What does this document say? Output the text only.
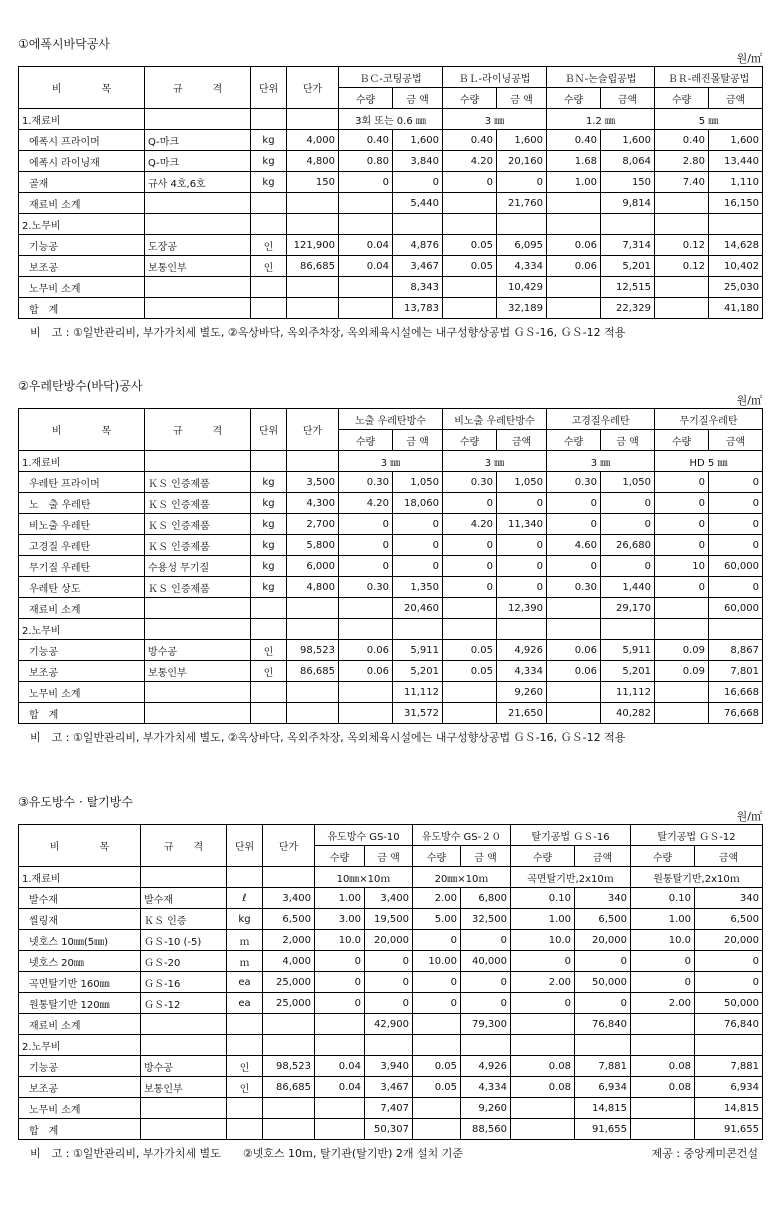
①에폭시바닥공사
원/㎡
비　　　　목	규　　　격	단위	단가	ＢＣ-코팅공법		ＢＬ-라이닝공법		ＢＮ-논슬립공법		ＢＲ-레진몰탈공법	
				수량	금 액	수량	금 액	수량	금액	수량	금액
1.재료비				3회 또는 0.6 ㎜		3 ㎜		1.2 ㎜		5 ㎜	
에폭시 프라이머	Q-마크	kg	4,000	0.40	1,600	0.40	1,600	0.40	1,600	0.40	1,600
에폭시 라이닝재	Q-마크	kg	4,800	0.80	3,840	4.20	20,160	1.68	8,064	2.80	13,440
골재	규사 4호,6호	kg	150	0	0	0	0	1.00	150	7.40	1,110
재료비 소계					5,440		21,760		9,814		16,150
2.노무비											
기능공	도장공	인	121,900	0.04	4,876	0.05	6,095	0.06	7,314	0.12	14,628
보조공	보통인부	인	86,685	0.04	3,467	0.05	4,334	0.06	5,201	0.12	10,402
노무비 소계					8,343		10,429		12,515		25,030
합　계					13,783		32,189		22,329		41,180
비　고 : ①일반관리비, 부가가치세 별도, ②옥상바닥, 옥외주차장, 옥외체육시설에는 내구성향상공법 ＧＳ-16, ＧＳ-12 적용
②우레탄방수(바닥)공사
원/㎡
비　　　　목	규　　　격	단위	단가	노출 우레탄방수		비노출 우레탄방수		고경질우레탄		무기질우레탄	
				수량	금 액	수량	금액	수량	금 액	수량	금액
1.재료비				3 ㎜		3 ㎜		3 ㎜		HD 5 ㎜	
우레탄 프라이머	ＫＳ 인증제품	kg	3,500	0.30	1,050	0.30	1,050	0.30	1,050	0	0
노　출 우레탄	ＫＳ 인증제품	kg	4,300	4.20	18,060	0	0	0	0	0	0
비노출 우레탄	ＫＳ 인증제품	kg	2,700	0	0	4.20	11,340	0	0	0	0
고경질 우레탄	ＫＳ 인증제품	kg	5,800	0	0	0	0	4.60	26,680	0	0
무기질 우레탄	수용성 무기질	kg	6,000	0	0	0	0	0	0	10	60,000
우레탄 상도	ＫＳ 인증제품	kg	4,800	0.30	1,350	0	0	0.30	1,440	0	0
재료비 소계					20,460		12,390		29,170		60,000
2.노무비											
기능공	방수공	인	98,523	0.06	5,911	0.05	4,926	0.06	5,911	0.09	8,867
보조공	보통인부	인	86,685	0.06	5,201	0.05	4,334	0.06	5,201	0.09	7,801
노무비 소계					11,112		9,260		11,112		16,668
합　계					31,572		21,650		40,282		76,668
비　고 : ①일반관리비, 부가가치세 별도, ②옥상바닥, 옥외주차장, 옥외체육시설에는 내구성향상공법 ＧＳ-16, ＧＳ-12 적용
③유도방수 · 탈기방수
원/㎡
비　　　　목	규　　격	단위	단가	유도방수 GS-10		유도방수 GS-２０		탈기공법 ＧＳ-16		탈기공법 ＧＳ-12	
				수량	금 액	수량	금 액	수량	금액	수량	금액
1.재료비				10㎜×10ｍ		20㎜×10ｍ		곡면탈기반,2x10ｍ		원통탈기반,2x10ｍ	
발수재	발수재	ℓ	3,400	1.00	3,400	2.00	6,800	0.10	340	0.10	340
씰링재	ＫＳ 인증	kg	6,500	3.00	19,500	5.00	32,500	1.00	6,500	1.00	6,500
넷호스 10㎜(5㎜)	ＧＳ-10 (-5)	ｍ	2,000	10.0	20,000	0	0	10.0	20,000	10.0	20,000
넷호스 20㎜	ＧＳ-20	ｍ	4,000	0	0	10.00	40,000	0	0	0	0
곡면탈기반 160㎜	ＧＳ-16	ea	25,000	0	0	0	0	2.00	50,000	0	0
원통탈기반 120㎜	ＧＳ-12	ea	25,000	0	0	0	0	0	0	2.00	50,000
재료비 소계					42,900		79,300		76,840		76,840
2.노무비											
기능공	방수공	인	98,523	0.04	3,940	0.05	4,926	0.08	7,881	0.08	7,881
보조공	보통인부	인	86,685	0.04	3,467	0.05	4,334	0.08	6,934	0.08	6,934
노무비 소계					7,407		9,260		14,815		14,815
합　계					50,307		88,560		91,655		91,655
비　고 : ①일반관리비, 부가가치세 별도　　②넷호스 10ｍ, 탈기관(탈기반) 2개 설치 기준	제공 : 중앙케미콘건설
